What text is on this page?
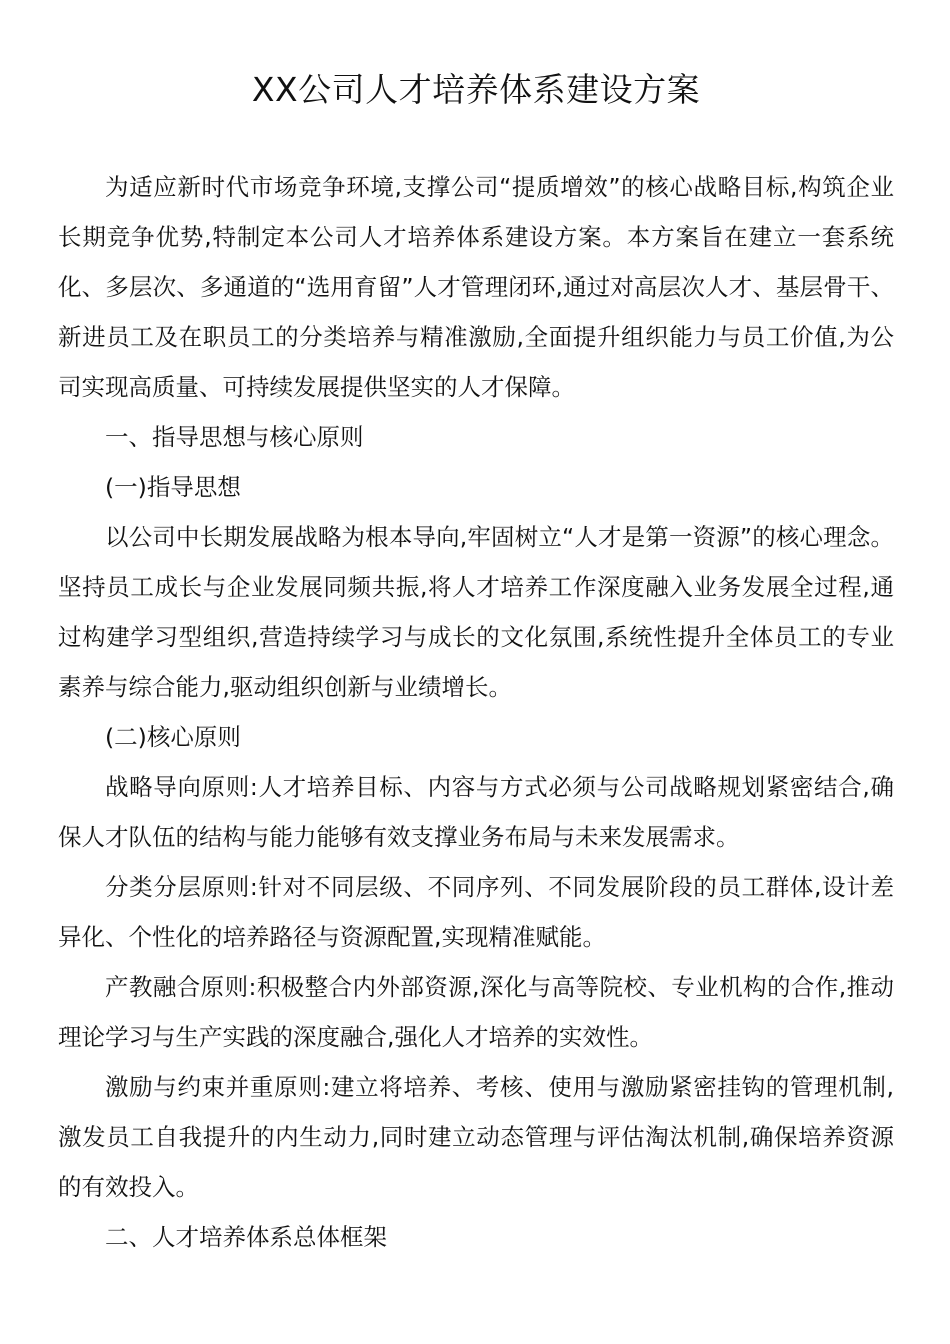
XX公司人才培养体系建设方案

为适应新时代市场竞争环境,支撑公司“提质增效”的核心战略目标,构筑企业长期竞争优势,特制定本公司人才培养体系建设方案。本方案旨在建立一套系统化、多层次、多通道的“选用育留”人才管理闭环,通过对高层次人才、基层骨干、新进员工及在职员工的分类培养与精准激励,全面提升组织能力与员工价值,为公司实现高质量、可持续发展提供坚实的人才保障。

一、指导思想与核心原则

(一)指导思想

以公司中长期发展战略为根本导向,牢固树立“人才是第一资源”的核心理念。坚持员工成长与企业发展同频共振,将人才培养工作深度融入业务发展全过程,通过构建学习型组织,营造持续学习与成长的文化氛围,系统性提升全体员工的专业素养与综合能力,驱动组织创新与业绩增长。

(二)核心原则

战略导向原则:人才培养目标、内容与方式必须与公司战略规划紧密结合,确保人才队伍的结构与能力能够有效支撑业务布局与未来发展需求。

分类分层原则:针对不同层级、不同序列、不同发展阶段的员工群体,设计差异化、个性化的培养路径与资源配置,实现精准赋能。

产教融合原则:积极整合内外部资源,深化与高等院校、专业机构的合作,推动理论学习与生产实践的深度融合,强化人才培养的实效性。

激励与约束并重原则:建立将培养、考核、使用与激励紧密挂钩的管理机制,激发员工自我提升的内生动力,同时建立动态管理与评估淘汰机制,确保培养资源的有效投入。

二、人才培养体系总体框架
